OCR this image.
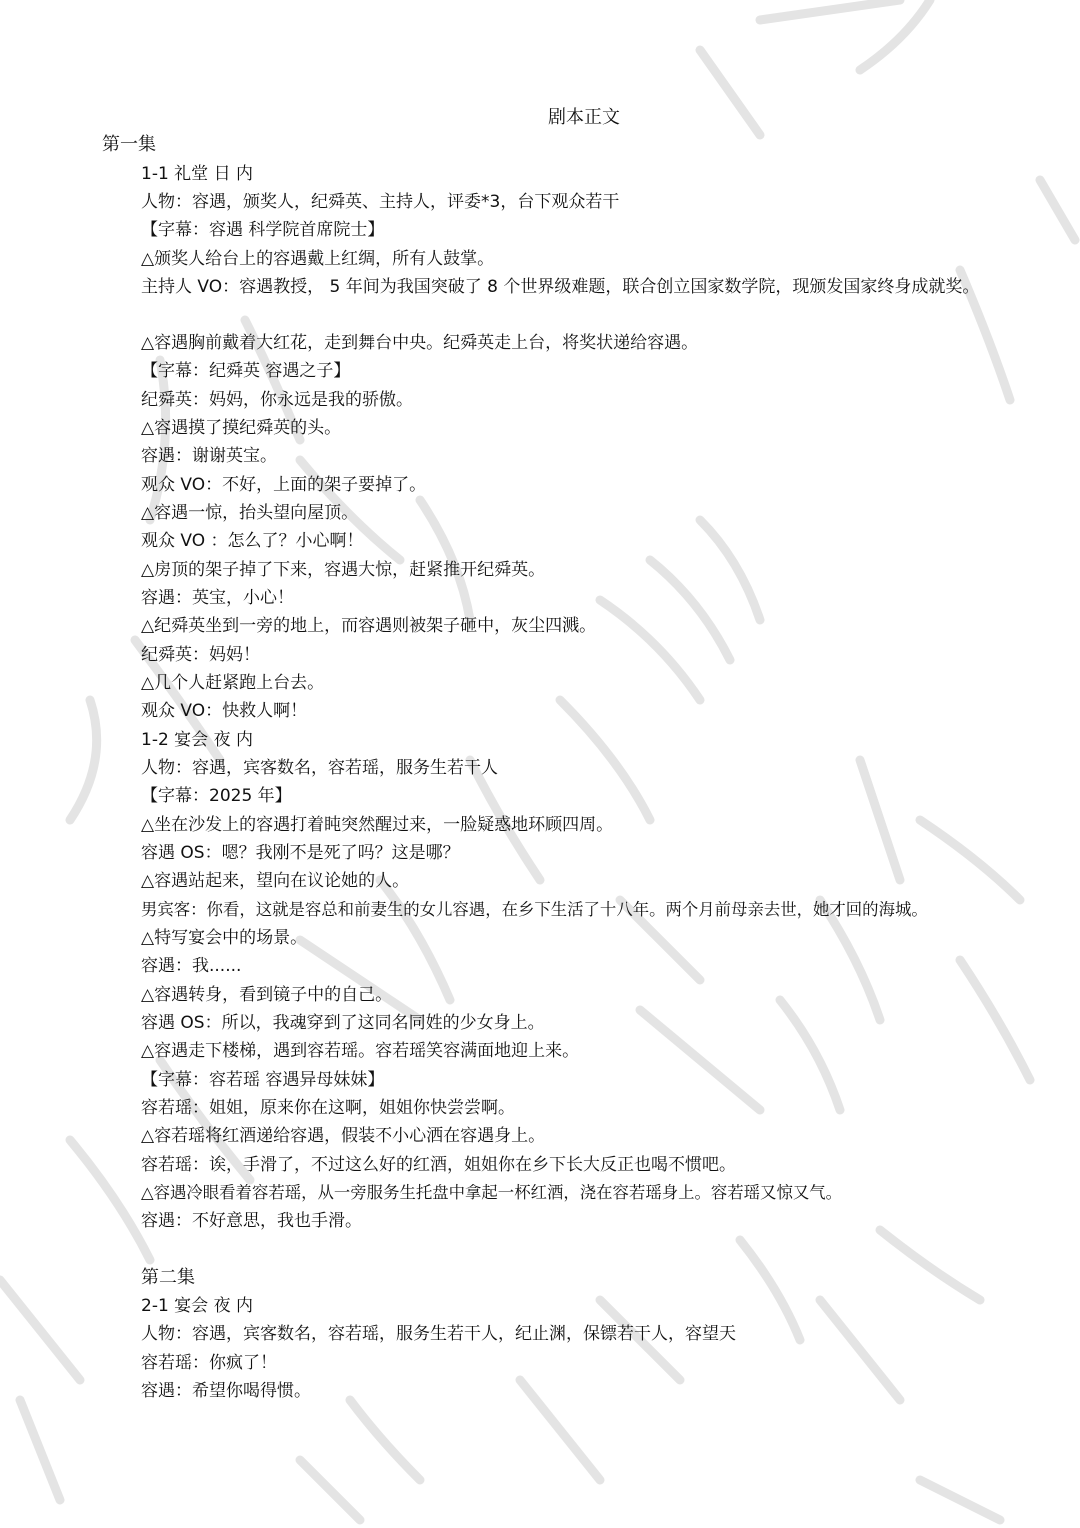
剧本正文
第一集
1-1 礼堂 日 内
人物：容遇，颁奖人，纪舜英、主持人，评委*3，台下观众若干
【字幕：容遇 科学院首席院士】
△颁奖人给台上的容遇戴上红绸，所有人鼓掌。
主持人 VO：容遇教授， 5 年间为我国突破了 8 个世界级难题，联合创立国家数学院，现颁发国家终身成就奖。
△容遇胸前戴着大红花，走到舞台中央。纪舜英走上台，将奖状递给容遇。
【字幕：纪舜英 容遇之子】
纪舜英：妈妈，你永远是我的骄傲。
△容遇摸了摸纪舜英的头。
容遇：谢谢英宝。
观众 VO：不好，上面的架子要掉了。
△容遇一惊，抬头望向屋顶。
观众 VO ：怎么了？小心啊！
△房顶的架子掉了下来，容遇大惊，赶紧推开纪舜英。
容遇：英宝，小心！
△纪舜英坐到一旁的地上，而容遇则被架子砸中，灰尘四溅。
纪舜英：妈妈！
△几个人赶紧跑上台去。
观众 VO：快救人啊！
1-2 宴会 夜 内
人物：容遇，宾客数名，容若瑶，服务生若干人
【字幕：2025 年】
△坐在沙发上的容遇打着盹突然醒过来，一脸疑惑地环顾四周。
容遇 OS：嗯？我刚不是死了吗？这是哪？
△容遇站起来，望向在议论她的人。
男宾客：你看，这就是容总和前妻生的女儿容遇，在乡下生活了十八年。两个月前母亲去世，她才回的海城。
△特写宴会中的场景。
容遇：我......
△容遇转身，看到镜子中的自己。
容遇 OS：所以，我魂穿到了这同名同姓的少女身上。
△容遇走下楼梯，遇到容若瑶。容若瑶笑容满面地迎上来。
【字幕：容若瑶 容遇异母妹妹】
容若瑶：姐姐，原来你在这啊，姐姐你快尝尝啊。
△容若瑶将红酒递给容遇，假装不小心洒在容遇身上。
容若瑶：诶，手滑了，不过这么好的红酒，姐姐你在乡下长大反正也喝不惯吧。
△容遇冷眼看着容若瑶，从一旁服务生托盘中拿起一杯红酒，浇在容若瑶身上。容若瑶又惊又气。
容遇：不好意思，我也手滑。
第二集
2-1 宴会 夜 内
人物：容遇，宾客数名，容若瑶，服务生若干人，纪止渊，保镖若干人，容望天
容若瑶：你疯了！
容遇：希望你喝得惯。
